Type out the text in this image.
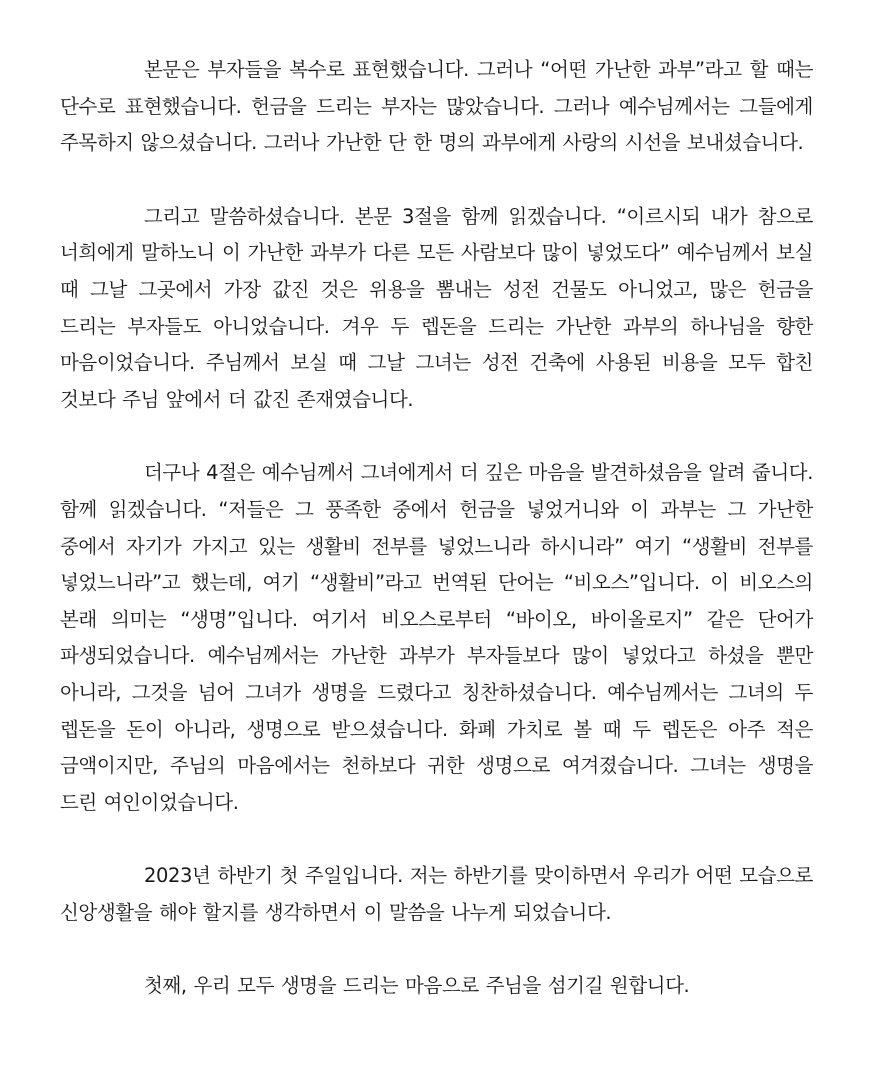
본문은 부자들을 복수로 표현했습니다. 그러나 “어떤 가난한 과부”라고 할 때는 단수로 표현했습니다. 헌금을 드리는 부자는 많았습니다. 그러나 예수님께서는 그들에게 주목하지 않으셨습니다. 그러나 가난한 단 한 명의 과부에게 사랑의 시선을 보내셨습니다.

그리고 말씀하셨습니다. 본문 3절을 함께 읽겠습니다. “이르시되 내가 참으로 너희에게 말하노니 이 가난한 과부가 다른 모든 사람보다 많이 넣었도다” 예수님께서 보실 때 그날 그곳에서 가장 값진 것은 위용을 뽐내는 성전 건물도 아니었고, 많은 헌금을 드리는 부자들도 아니었습니다. 겨우 두 렙돈을 드리는 가난한 과부의 하나님을 향한 마음이었습니다. 주님께서 보실 때 그날 그녀는 성전 건축에 사용된 비용을 모두 합친 것보다 주님 앞에서 더 값진 존재였습니다.

더구나 4절은 예수님께서 그녀에게서 더 깊은 마음을 발견하셨음을 알려 줍니다. 함께 읽겠습니다. “저들은 그 풍족한 중에서 헌금을 넣었거니와 이 과부는 그 가난한 중에서 자기가 가지고 있는 생활비 전부를 넣었느니라 하시니라” 여기 “생활비 전부를 넣었느니라”고 했는데, 여기 “생활비”라고 번역된 단어는 “비오스”입니다. 이 비오스의 본래 의미는 “생명”입니다. 여기서 비오스로부터 “바이오, 바이올로지” 같은 단어가 파생되었습니다. 예수님께서는 가난한 과부가 부자들보다 많이 넣었다고 하셨을 뿐만 아니라, 그것을 넘어 그녀가 생명을 드렸다고 칭찬하셨습니다. 예수님께서는 그녀의 두 렙돈을 돈이 아니라, 생명으로 받으셨습니다. 화폐 가치로 볼 때 두 렙돈은 아주 적은 금액이지만, 주님의 마음에서는 천하보다 귀한 생명으로 여겨졌습니다. 그녀는 생명을 드린 여인이었습니다.

2023년 하반기 첫 주일입니다. 저는 하반기를 맞이하면서 우리가 어떤 모습으로 신앙생활을 해야 할지를 생각하면서 이 말씀을 나누게 되었습니다.

첫째, 우리 모두 생명을 드리는 마음으로 주님을 섬기길 원합니다.
